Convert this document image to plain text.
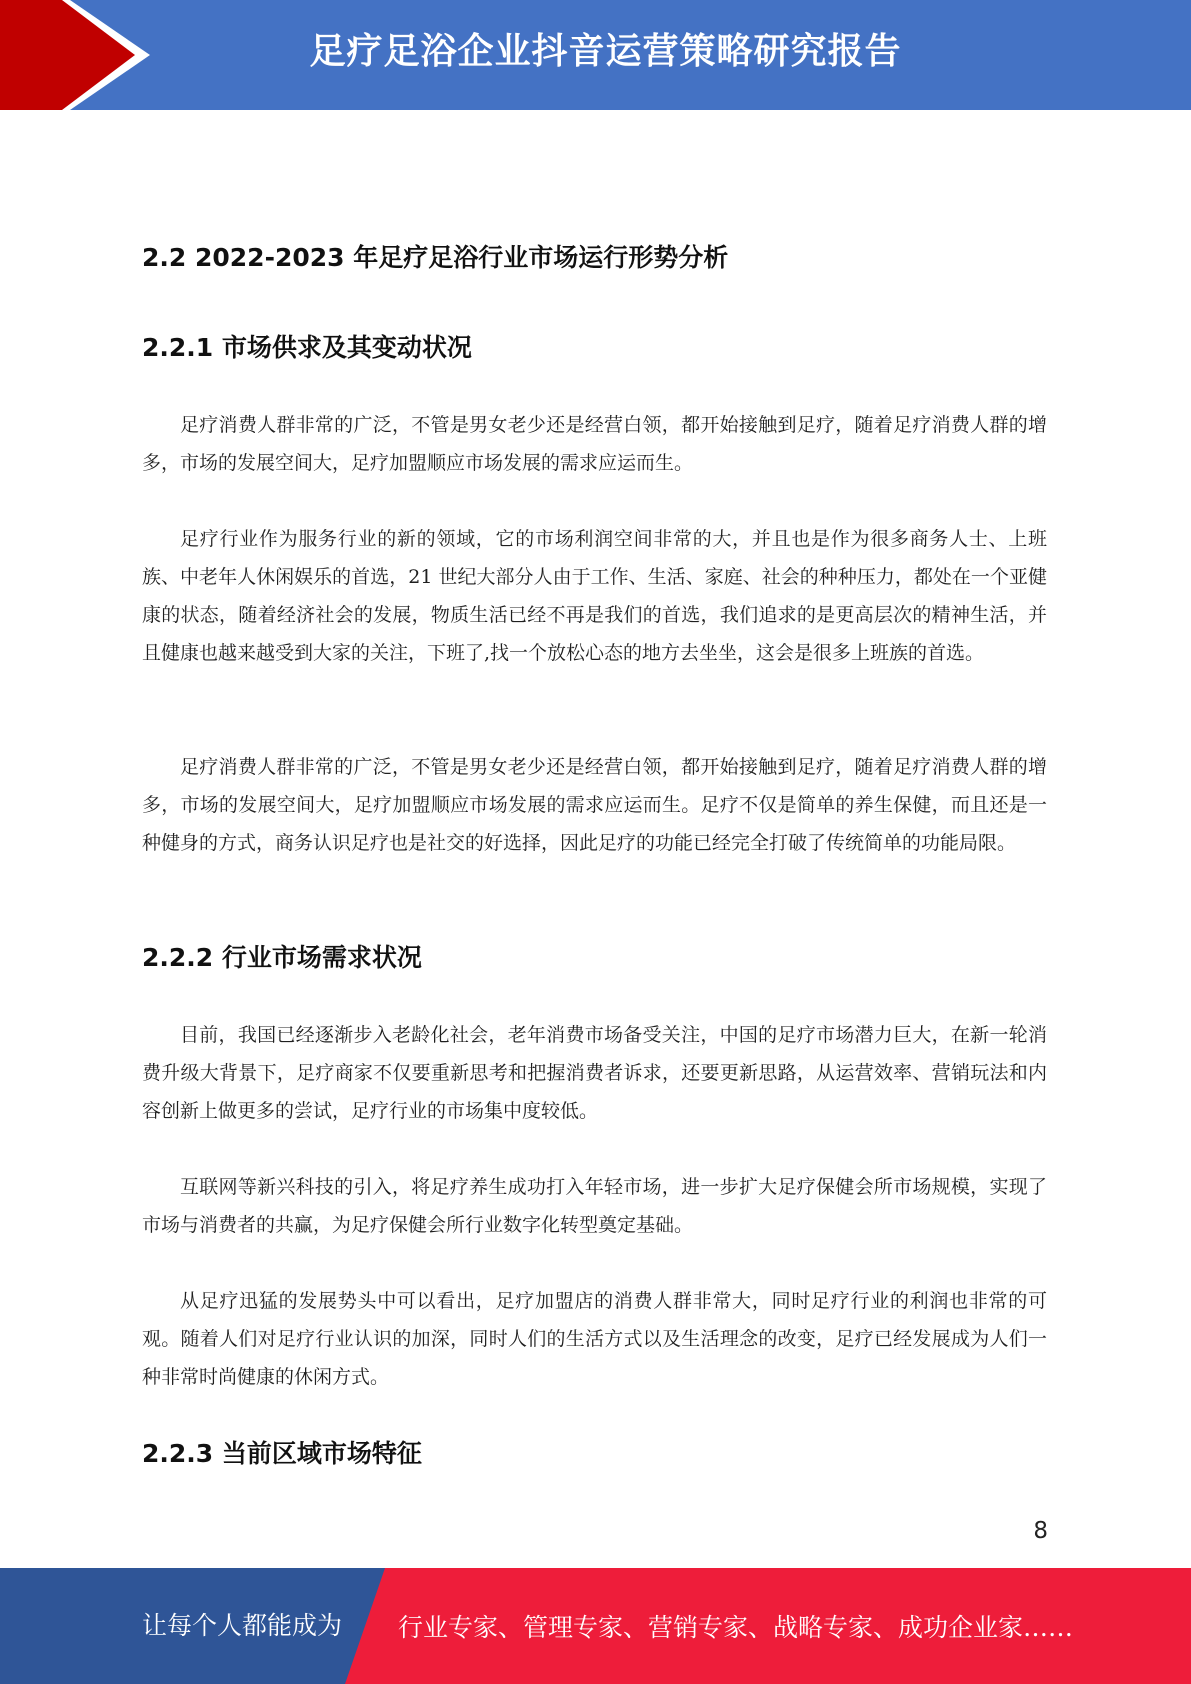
足疗足浴企业抖音运营策略研究报告
2.2 2022-2023 年足疗足浴行业市场运行形势分析
2.2.1 市场供求及其变动状况

足疗消费人群非常的广泛，不管是男女老少还是经营白领，都开始接触到足疗，随着足疗消费人群的增多，市场的发展空间大，足疗加盟顺应市场发展的需求应运而生。

足疗行业作为服务行业的新的领域，它的市场利润空间非常的大，并且也是作为很多商务人士、上班族、中老年人休闲娱乐的首选，21 世纪大部分人由于工作、生活、家庭、社会的种种压力，都处在一个亚健康的状态，随着经济社会的发展，物质生活已经不再是我们的首选，我们追求的是更高层次的精神生活，并且健康也越来越受到大家的关注，下班了,找一个放松心态的地方去坐坐，这会是很多上班族的首选。

足疗消费人群非常的广泛，不管是男女老少还是经营白领，都开始接触到足疗，随着足疗消费人群的增多，市场的发展空间大，足疗加盟顺应市场发展的需求应运而生。足疗不仅是简单的养生保健，而且还是一种健身的方式，商务认识足疗也是社交的好选择，因此足疗的功能已经完全打破了传统简单的功能局限。

2.2.2 行业市场需求状况

目前，我国已经逐渐步入老龄化社会，老年消费市场备受关注，中国的足疗市场潜力巨大，在新一轮消费升级大背景下，足疗商家不仅要重新思考和把握消费者诉求，还要更新思路，从运营效率、营销玩法和内容创新上做更多的尝试，足疗行业的市场集中度较低。

互联网等新兴科技的引入，将足疗养生成功打入年轻市场，进一步扩大足疗保健会所市场规模，实现了市场与消费者的共赢，为足疗保健会所行业数字化转型奠定基础。

从足疗迅猛的发展势头中可以看出，足疗加盟店的消费人群非常大，同时足疗行业的利润也非常的可观。随着人们对足疗行业认识的加深，同时人们的生活方式以及生活理念的改变，足疗已经发展成为人们一种非常时尚健康的休闲方式。

2.2.3 当前区域市场特征
8
让每个人都能成为 行业专家、管理专家、营销专家、战略专家、成功企业家……
